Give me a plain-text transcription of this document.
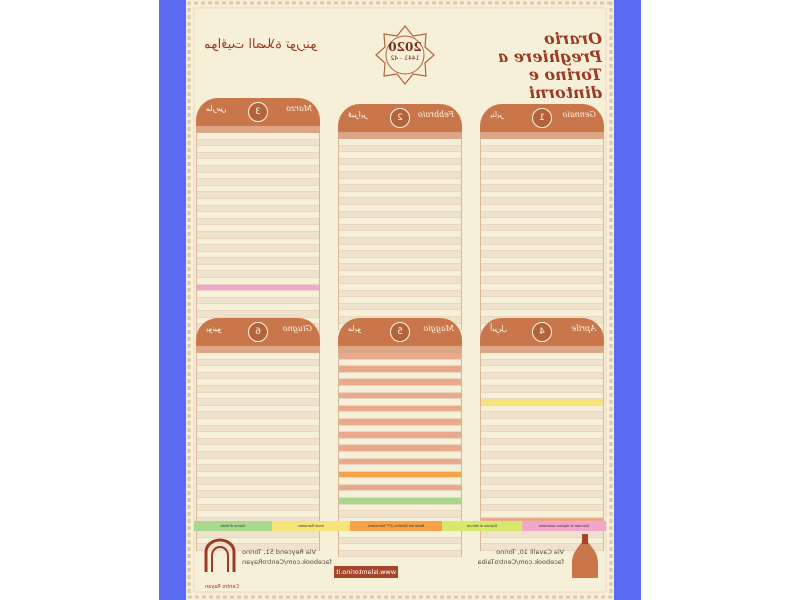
Orario Preghiere a Torino e dintorni
مواقيت الصلاة تورينو	2020
1441 - 42
Gennaio
1
يناير
Febbraio
2
فبراير
Marzo
3
مارس
Aprile
4
أبريل
Maggio
5
مايو
Giugno
6
يونيو
Giornate di digiuno volontario
Digiuno di Ashura
Notte del Destino (27° Ramadan)
Inizio Ramadan
Giorno di festa
Via Cavalli 10, Torino
facebook.com/CentroTaiba
www.islamtorino.it
Via Reycend 51, Torino
facebook.com/CentroRayan
Centro Rayan
